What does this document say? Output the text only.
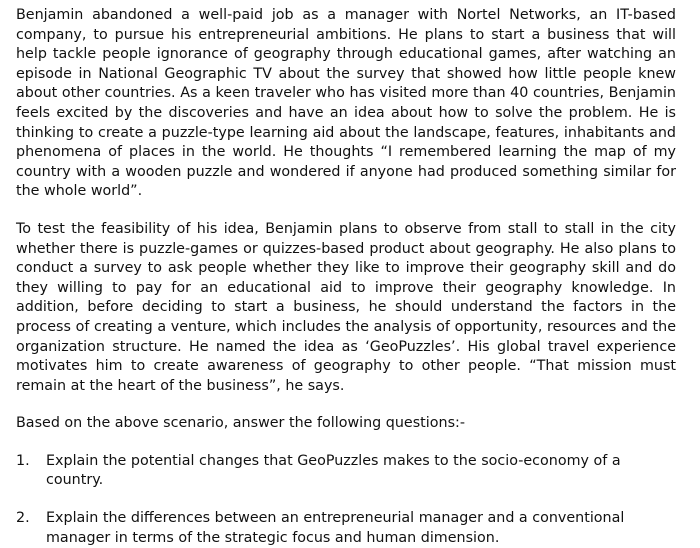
Benjamin abandoned a well-paid job as a manager with Nortel Networks, an IT-based company, to pursue his entrepreneurial ambitions. He plans to start a business that will help tackle people ignorance of geography through educational games, after watching an episode in National Geographic TV about the survey that showed how little people knew about other countries. As a keen traveler who has visited more than 40 countries, Benjamin feels excited by the discoveries and have an idea about how to solve the problem. He is thinking to create a puzzle-type learning aid about the landscape, features, inhabitants and phenomena of places in the world. He thoughts “I remembered learning the map of my country with a wooden puzzle and wondered if anyone had produced something similar for the whole world”.

To test the feasibility of his idea, Benjamin plans to observe from stall to stall in the city whether there is puzzle-games or quizzes-based product about geography. He also plans to conduct a survey to ask people whether they like to improve their geography skill and do they willing to pay for an educational aid to improve their geography knowledge. In addition, before deciding to start a business, he should understand the factors in the process of creating a venture, which includes the analysis of opportunity, resources and the organization structure. He named the idea as ‘GeoPuzzles’. His global travel experience motivates him to create awareness of geography to other people. “That mission must remain at the heart of the business”, he says.

Based on the above scenario, answer the following questions:-

1.	Explain the potential changes that GeoPuzzles makes to the socio-economy of a country.
2.	Explain the differences between an entrepreneurial manager and a conventional manager in terms of the strategic focus and human dimension.
